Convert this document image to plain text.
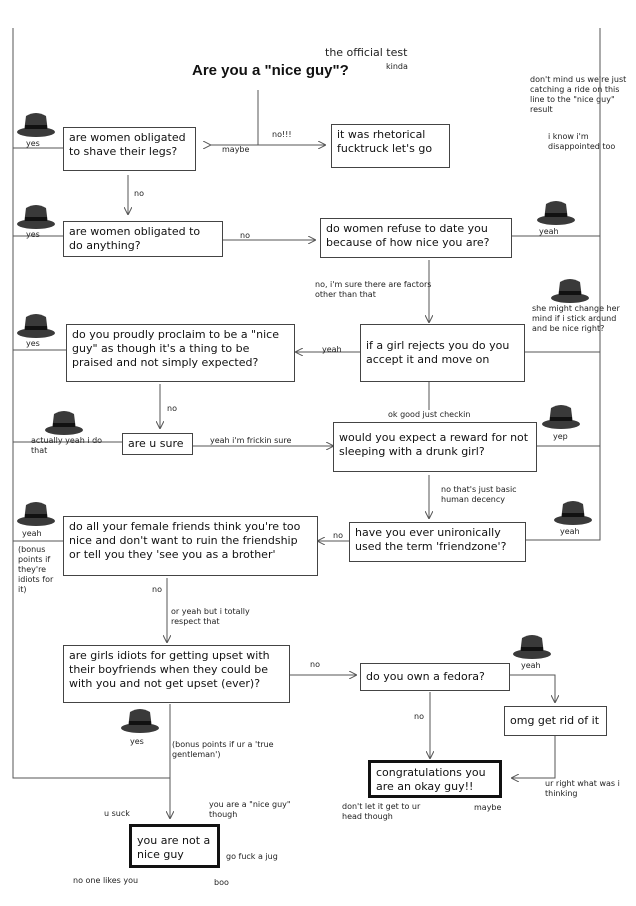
Are you a "nice guy"?
the official test
kinda
are women obligated to shave their legs?
it was rhetorical fucktruck let's go
are women obligated to do anything?
do women refuse to date you because of how nice you are?
do you proudly proclaim to be a "nice guy" as though it's a thing to be praised and not simply expected?
if a girl rejects you do you accept it and move on
are u sure	would you expect a reward for not sleeping with a drunk girl?
do all your female friends think you're too nice and don't want to ruin the friendship or tell you they 'see you as a brother'
have you ever unironically used the term 'friendzone'?
are girls idiots for getting upset with their boyfriends when they could be with you and not get upset (ever)?
do you own a fedora?
omg get rid of it
congratulations you are an okay guy!!
you are not a nice guy
yes
no!!!
maybe
no
yes	no	yeah
no, i'm sure there are factors other than that
yes
yeah
she might change her mind if i stick around and be nice right?
no
actually yeah i do that
yeah i'm frickin sure
ok good just checkin
yep
no that's just basic human decency
no	yeah
yeah
(bonus points if they're idiots for it)	no
or yeah but i totally respect that
no	yeah
no
yes	(bonus points if ur a 'true gentleman')
u suck
you are a "nice guy" though
go fuck a jug
no one likes you	boo
don't let it get to ur head though
maybe
ur right what was i thinking
don't mind us we're just catching a ride on this line to the "nice guy" result
i know i'm disappointed too
